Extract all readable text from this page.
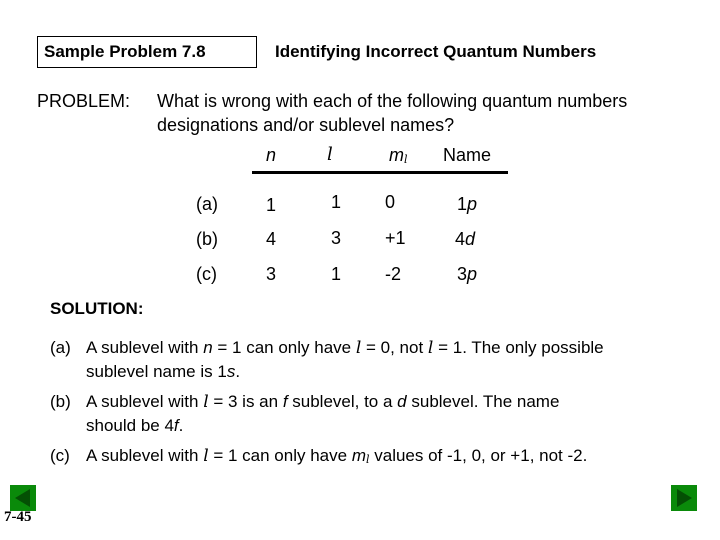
Sample Problem 7.8	Identifying Incorrect Quantum Numbers
PROBLEM: What is wrong with each of the following quantum numbers
designations and/or sublevel names?
n	l	ml Name
(a)	1	1 0	1p
(b)	4	3 +1	4d
(c)	3	1 -2	3p
SOLUTION:
(a) A sublevel with n = 1 can only have l = 0, not l = 1. The only possible
sublevel name is 1s.
(b) A sublevel with l = 3 is an f sublevel, to a d sublevel. The name
should be 4f.
(c) A sublevel with l = 1 can only have ml values of -1, 0, or +1, not -2.
7-45
